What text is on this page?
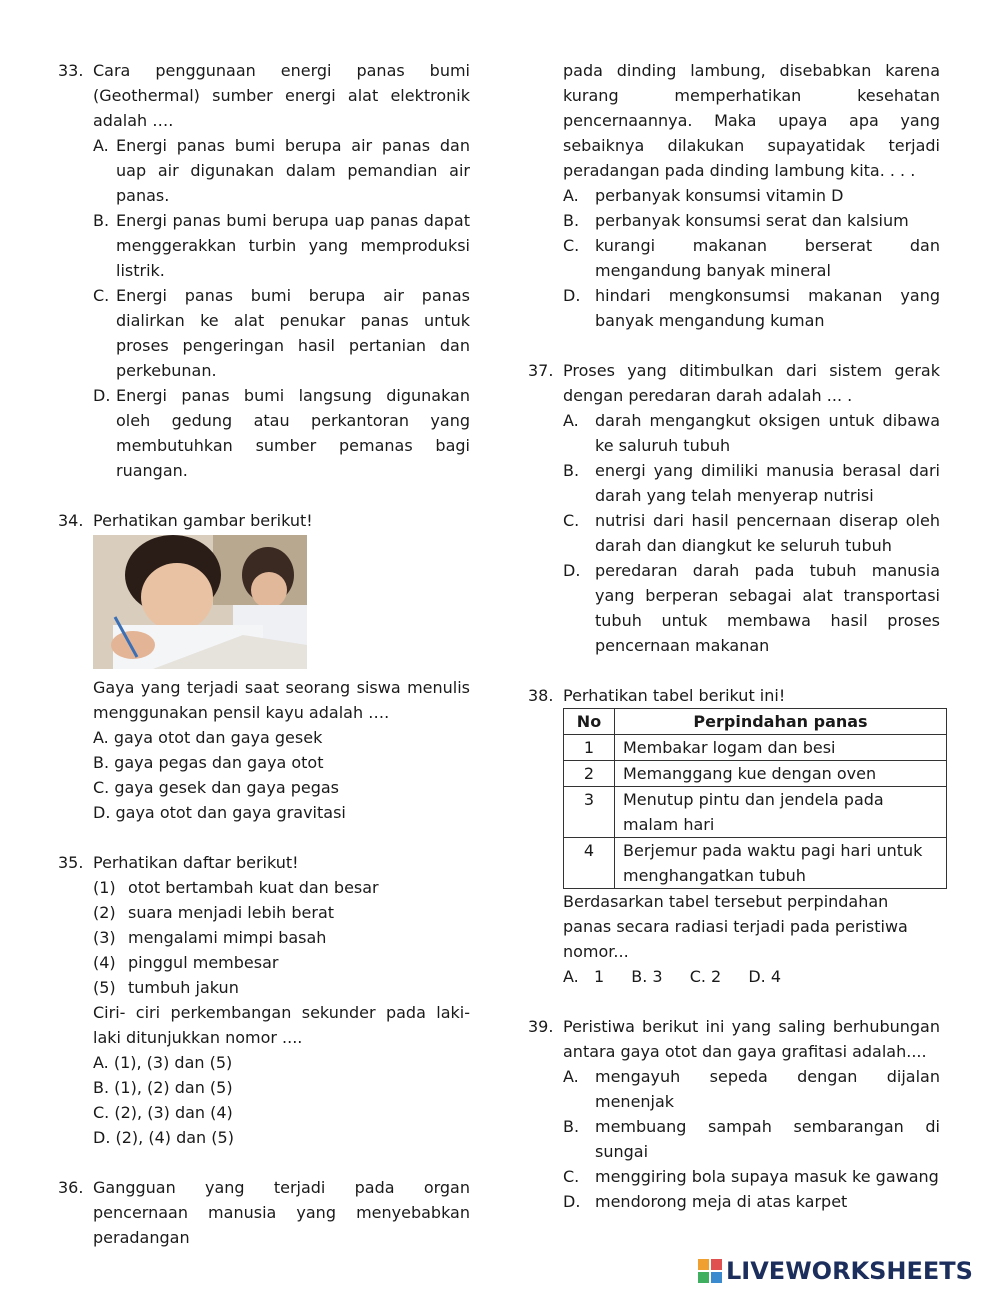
33. Cara penggunaan energi panas bumi (Geothermal) sumber energi alat elektronik adalah ….
A. Energi panas bumi berupa air panas dan uap air digunakan dalam pemandian air panas.
B. Energi panas bumi berupa uap panas dapat menggerakkan turbin yang memproduksi listrik.
C. Energi panas bumi berupa air panas dialirkan ke alat penukar panas untuk proses pengeringan hasil pertanian dan perkebunan.
D. Energi panas bumi langsung digunakan oleh gedung atau perkantoran yang membutuhkan sumber pemanas bagi ruangan.
34. Perhatikan gambar berikut!
Gaya yang terjadi saat seorang siswa menulis menggunakan pensil kayu adalah ….
A. gaya otot dan gaya gesek
B. gaya pegas dan gaya otot
C. gaya gesek dan gaya pegas
D. gaya otot dan gaya gravitasi
35. Perhatikan daftar berikut!
(1) otot bertambah kuat dan besar
(2) suara menjadi lebih berat
(3) mengalami mimpi basah
(4) pinggul membesar
(5) tumbuh jakun
Ciri- ciri perkembangan sekunder pada laki-laki ditunjukkan nomor ....
A. (1), (3) dan (5)
B. (1), (2) dan (5)
C. (2), (3) dan (4)
D. (2), (4) dan (5)
36. Gangguan yang terjadi pada organ pencernaan manusia yang menyebabkan peradangan
pada dinding lambung, disebabkan karena kurang memperhatikan kesehatan pencernaannya. Maka upaya apa yang sebaiknya dilakukan supayatidak terjadi peradangan pada dinding lambung kita. . . .
A. perbanyak konsumsi vitamin D
B. perbanyak konsumsi serat dan kalsium
C. kurangi makanan berserat dan mengandung banyak mineral
D. hindari mengkonsumsi makanan yang banyak mengandung kuman
37. Proses yang ditimbulkan dari sistem gerak dengan peredaran darah adalah ... .
A. darah mengangkut oksigen untuk dibawa ke saluruh tubuh
B. energi yang dimiliki manusia berasal dari darah yang telah menyerap nutrisi
C. nutrisi dari hasil pencernaan diserap oleh darah dan diangkut ke seluruh tubuh
D. peredaran darah pada tubuh manusia yang berperan sebagai alat transportasi tubuh untuk membawa hasil proses pencernaan makanan
38. Perhatikan tabel berikut ini!
No	Perpindahan panas
1	Membakar logam dan besi
2	Memanggang kue dengan oven
3	Menutup pintu dan jendela pada malam hari
4	Berjemur pada waktu pagi hari untuk menghangatkan tubuh
Berdasarkan tabel tersebut perpindahan panas secara radiasi terjadi pada peristiwa nomor...
A.   1 B. 3 C. 2 D. 4
39. Peristiwa berikut ini yang saling berhubungan antara gaya otot dan gaya grafitasi adalah....
A. mengayuh sepeda dengan dijalan menenjak
B. membuang sampah sembarangan di sungai
C. menggiring bola supaya masuk ke gawang
D. mendorong meja di atas karpet
LIVEWORKSHEETS
